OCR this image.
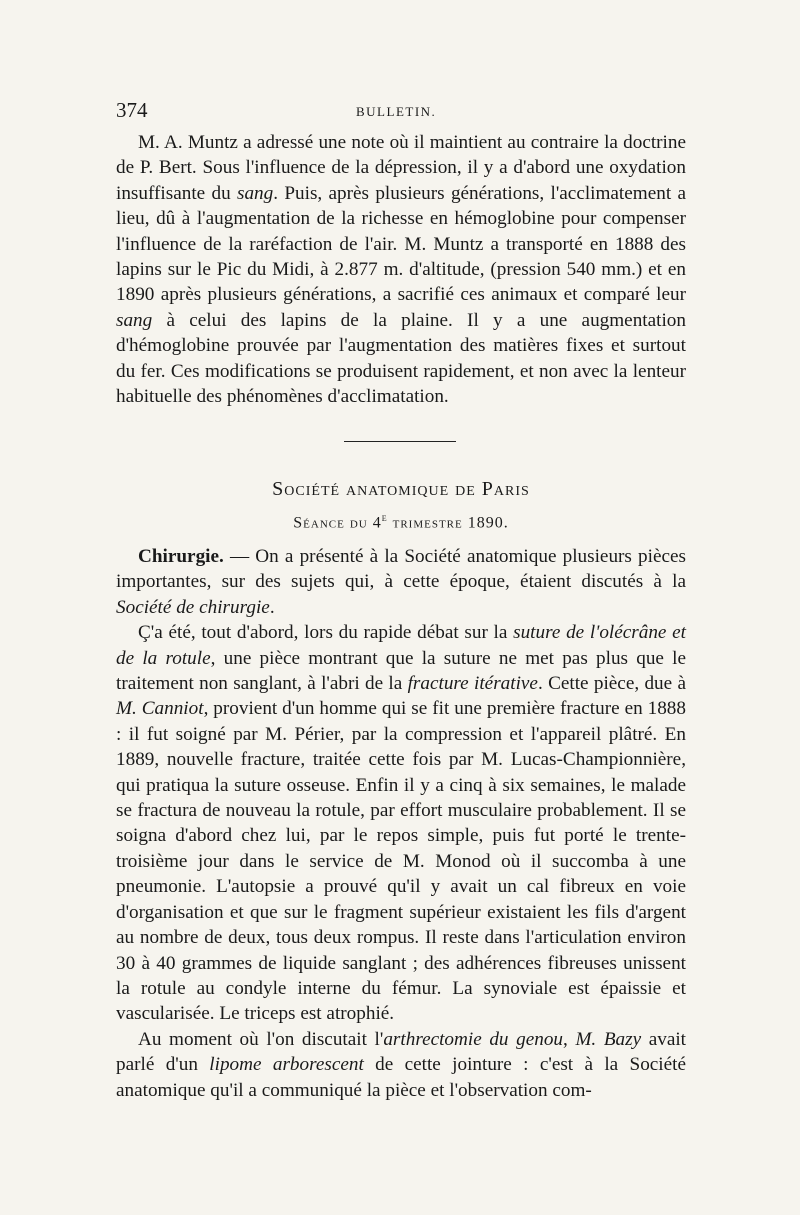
374	BULLETIN.

M. A. Muntz a adressé une note où il maintient au contraire la doctrine de P. Bert. Sous l'influence de la dépression, il y a d'abord une oxydation insuffisante du sang. Puis, après plusieurs générations, l'acclimatement a lieu, dû à l'augmentation de la richesse en hémoglobine pour compenser l'influence de la raréfaction de l'air. M. Muntz a transporté en 1888 des lapins sur le Pic du Midi, à 2.877 m. d'altitude, (pression 540 mm.) et en 1890 après plusieurs générations, a sacrifié ces animaux et comparé leur sang à celui des lapins de la plaine. Il y a une augmentation d'hémoglobine prouvée par l'augmentation des matières fixes et surtout du fer. Ces modifications se produisent rapidement, et non avec la lenteur habituelle des phénomènes d'acclimatation.

Société anatomique de Paris
Séance du 4e trimestre 1890.

Chirurgie. — On a présenté à la Société anatomique plusieurs pièces importantes, sur des sujets qui, à cette époque, étaient discutés à la Société de chirurgie.

Ç'a été, tout d'abord, lors du rapide débat sur la suture de l'olécrâne et de la rotule, une pièce montrant que la suture ne met pas plus que le traitement non sanglant, à l'abri de la fracture itérative. Cette pièce, due à M. Canniot, provient d'un homme qui se fit une première fracture en 1888 : il fut soigné par M. Périer, par la compression et l'appareil plâtré. En 1889, nouvelle fracture, traitée cette fois par M. Lucas-Championnière, qui pratiqua la suture osseuse. Enfin il y a cinq à six semaines, le malade se fractura de nouveau la rotule, par effort musculaire probablement. Il se soigna d'abord chez lui, par le repos simple, puis fut porté le trente-troisième jour dans le service de M. Monod où il succomba à une pneumonie. L'autopsie a prouvé qu'il y avait un cal fibreux en voie d'organisation et que sur le fragment supérieur existaient les fils d'argent au nombre de deux, tous deux rompus. Il reste dans l'articulation environ 30 à 40 grammes de liquide sanglant ; des adhérences fibreuses unissent la rotule au condyle interne du fémur. La synoviale est épaissie et vascularisée. Le triceps est atrophié.

Au moment où l'on discutait l'arthrectomie du genou, M. Bazy avait parlé d'un lipome arborescent de cette jointure : c'est à la Société anatomique qu'il a communiqué la pièce et l'observation com-
